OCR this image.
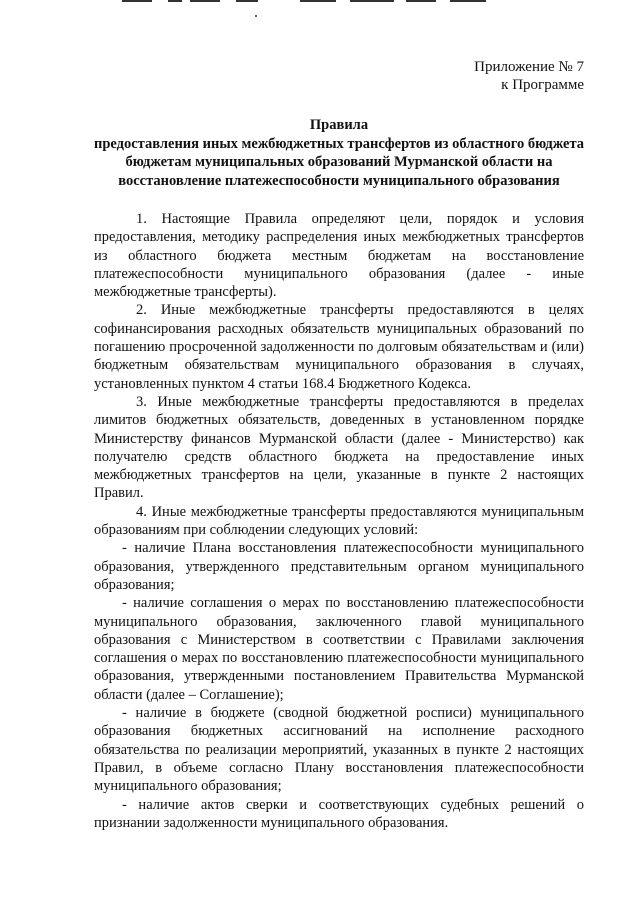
Приложение № 7
к Программе
Правила
предоставления иных межбюджетных трансфертов из областного бюджета бюджетам муниципальных образований Мурманской области на восстановление платежеспособности муниципального образования

1. Настоящие Правила определяют цели, порядок и условия предоставления, методику распределения иных межбюджетных трансфертов из областного бюджета местным бюджетам на восстановление платежеспособности муниципального образования (далее - иные межбюджетные трансферты).

2. Иные межбюджетные трансферты предоставляются в целях софинансирования расходных обязательств муниципальных образований по погашению просроченной задолженности по долговым обязательствам и (или) бюджетным обязательствам муниципального образования в случаях, установленных пунктом 4 статьи 168.4 Бюджетного Кодекса.

3. Иные межбюджетные трансферты предоставляются в пределах лимитов бюджетных обязательств, доведенных в установленном порядке Министерству финансов Мурманской области (далее - Министерство) как получателю средств областного бюджета на предоставление иных межбюджетных трансфертов на цели, указанные в пункте 2 настоящих Правил.

4. Иные межбюджетные трансферты предоставляются муниципальным образованиям при соблюдении следующих условий:

- наличие Плана восстановления платежеспособности муниципального образования, утвержденного представительным органом муниципального образования;

- наличие соглашения о мерах по восстановлению платежеспособности муниципального образования, заключенного главой муниципального образования с Министерством в соответствии с Правилами заключения соглашения о мерах по восстановлению платежеспособности муниципального образования, утвержденными постановлением Правительства Мурманской области (далее – Соглашение);

- наличие в бюджете (сводной бюджетной росписи) муниципального образования бюджетных ассигнований на исполнение расходного обязательства по реализации мероприятий, указанных в пункте 2 настоящих Правил, в объеме согласно Плану восстановления платежеспособности муниципального образования;

- наличие актов сверки и соответствующих судебных решений о признании задолженности муниципального образования.
